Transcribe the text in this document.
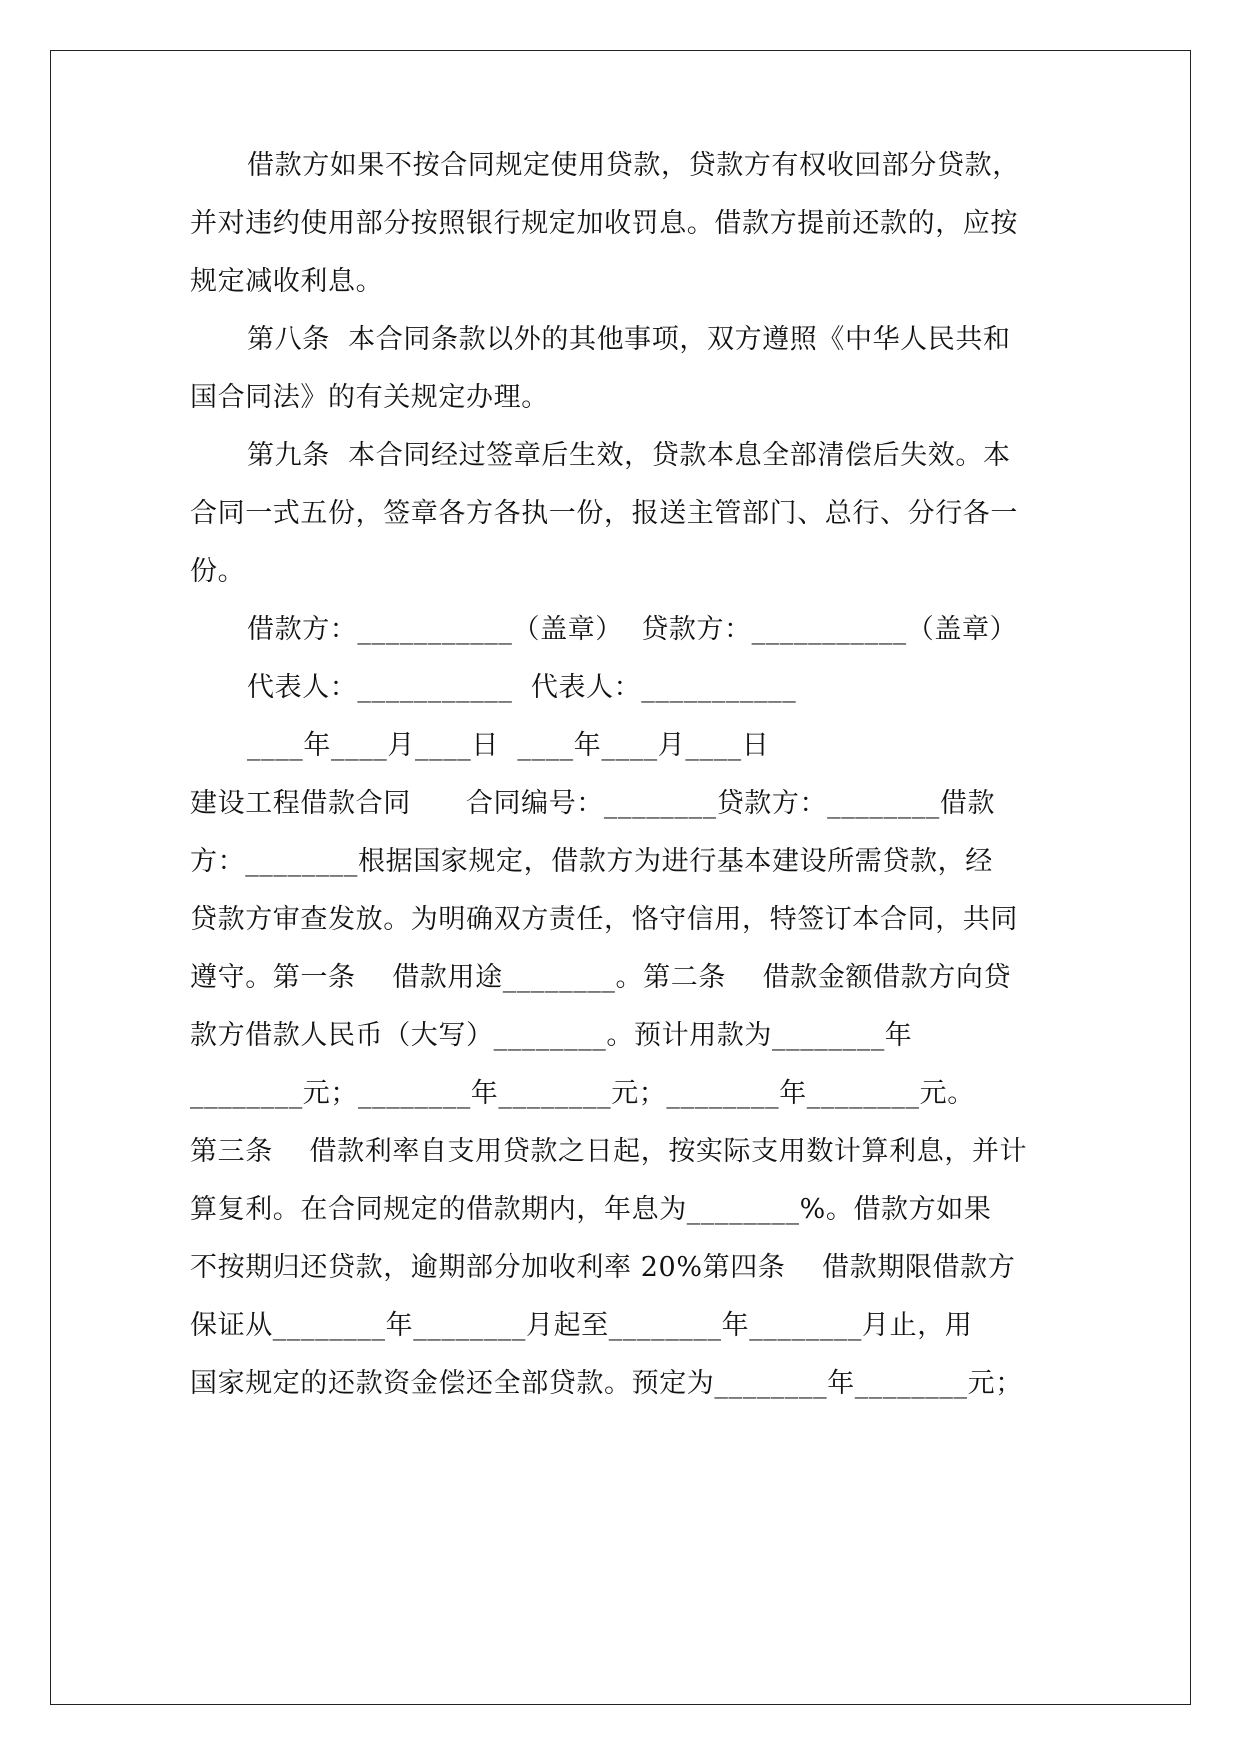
借款方如果不按合同规定使用贷款，贷款方有权收回部分贷款，
并对违约使用部分按照银行规定加收罚息。借款方提前还款的，应按
规定减收利息。
第八条  本合同条款以外的其他事项，双方遵照《中华人民共和
国合同法》的有关规定办理。
第九条  本合同经过签章后生效，贷款本息全部清偿后失效。本
合同一式五份，签章各方各执一份，报送主管部门、总行、分行各一
份。
借款方：___________（盖章）  贷款方：___________（盖章）
代表人：___________  代表人：___________
____年____月____日  ____年____月____日
建设工程借款合同      合同编号：________贷款方：________借款
方：________根据国家规定，借款方为进行基本建设所需贷款，经
贷款方审查发放。为明确双方责任，恪守信用，特签订本合同，共同
遵守。第一条    借款用途________。第二条    借款金额借款方向贷
款方借款人民币（大写）________。预计用款为________年
________元；________年________元；________年________元。
第三条    借款利率自支用贷款之日起，按实际支用数计算利息，并计
算复利。在合同规定的借款期内，年息为________%。借款方如果
不按期归还贷款，逾期部分加收利率 20%第四条    借款期限借款方
保证从________年________月起至________年________月止，用
国家规定的还款资金偿还全部贷款。预定为________年________元；
